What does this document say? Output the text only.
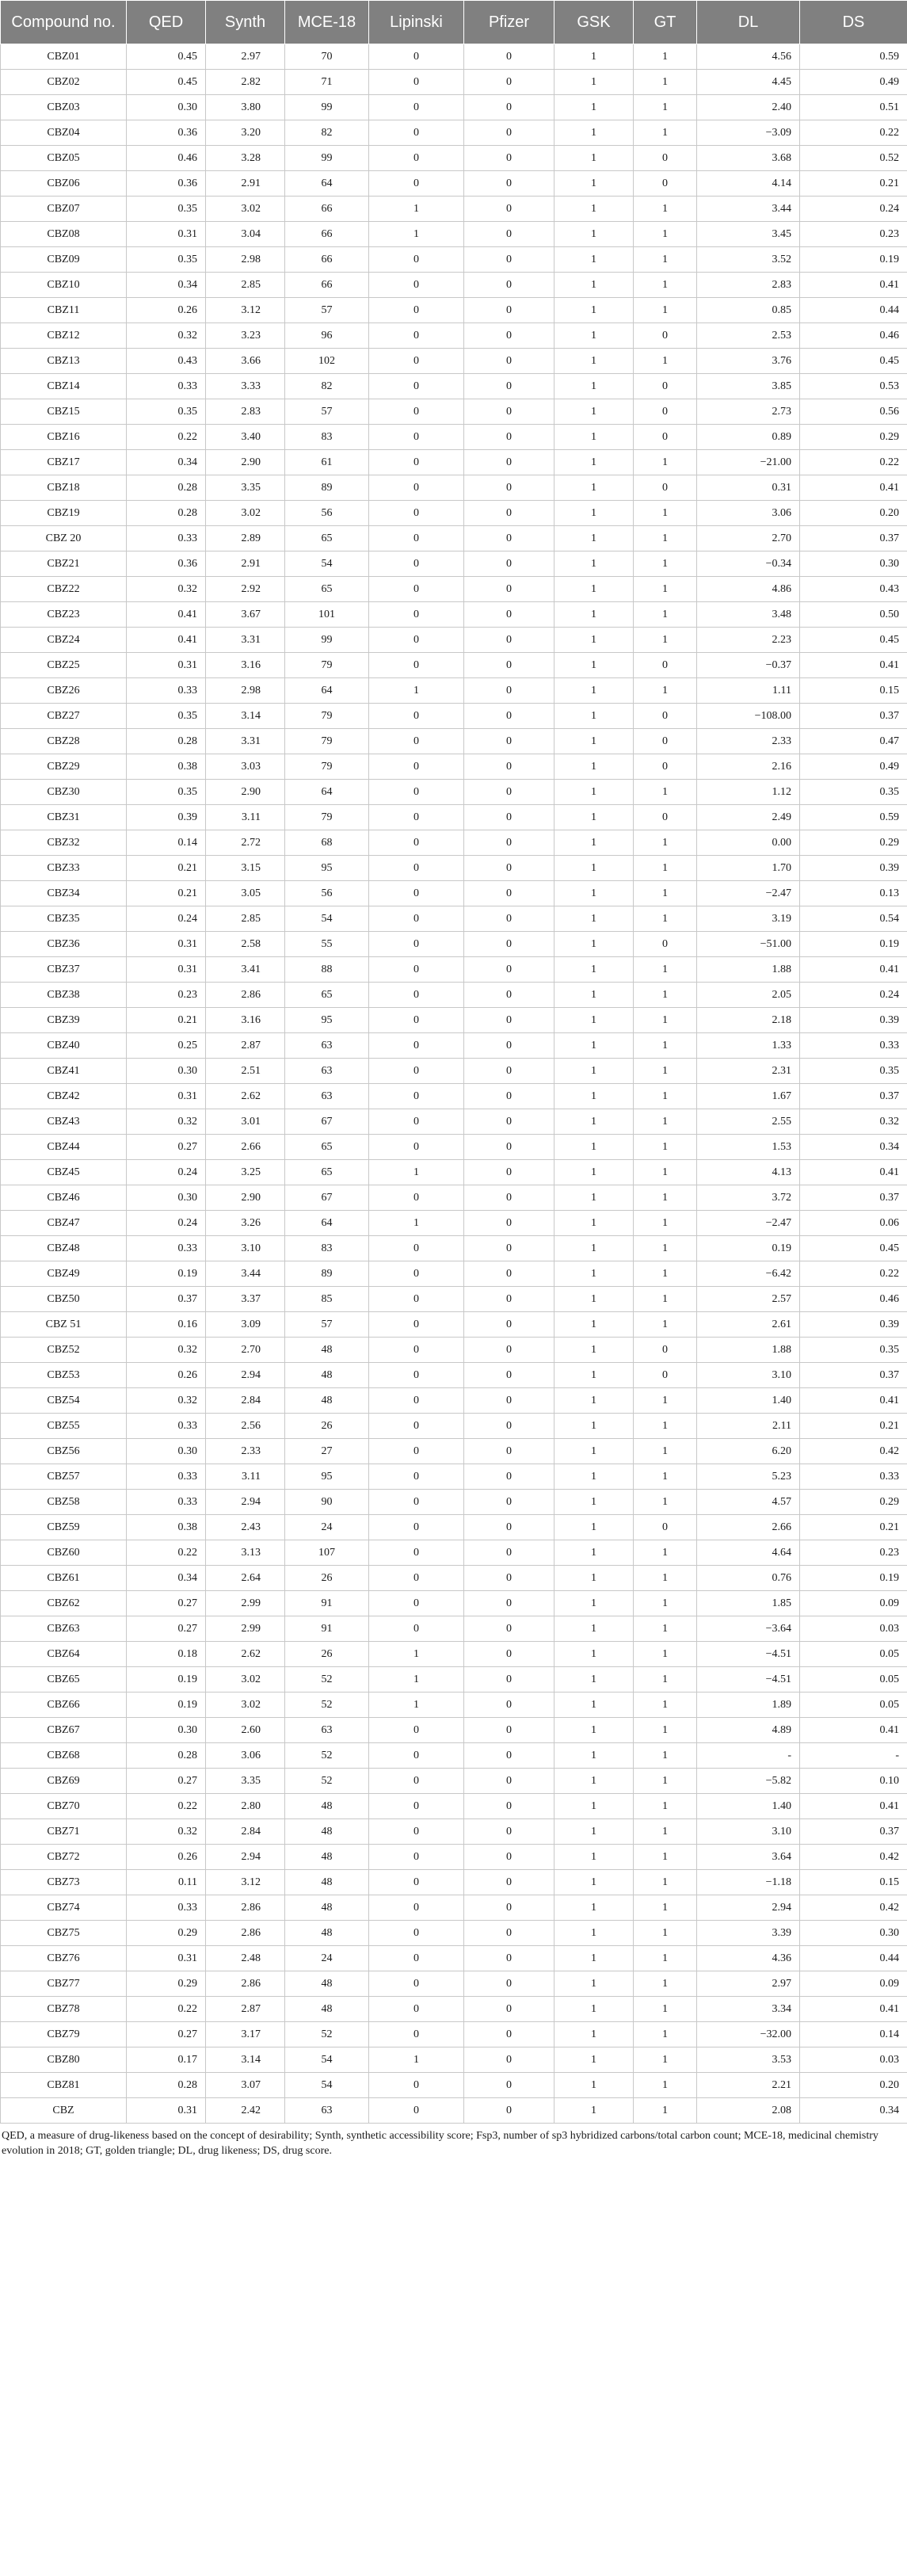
Compound no.	QED	Synth	MCE-18	Lipinski	Pfizer	GSK	GT	DL	DS
CBZ01	0.45	2.97	70	0	0	1	1	4.56	0.59
CBZ02	0.45	2.82	71	0	0	1	1	4.45	0.49
CBZ03	0.30	3.80	99	0	0	1	1	2.40	0.51
CBZ04	0.36	3.20	82	0	0	1	1	−3.09	0.22
CBZ05	0.46	3.28	99	0	0	1	0	3.68	0.52
CBZ06	0.36	2.91	64	0	0	1	0	4.14	0.21
CBZ07	0.35	3.02	66	1	0	1	1	3.44	0.24
CBZ08	0.31	3.04	66	1	0	1	1	3.45	0.23
CBZ09	0.35	2.98	66	0	0	1	1	3.52	0.19
CBZ10	0.34	2.85	66	0	0	1	1	2.83	0.41
CBZ11	0.26	3.12	57	0	0	1	1	0.85	0.44
CBZ12	0.32	3.23	96	0	0	1	0	2.53	0.46
CBZ13	0.43	3.66	102	0	0	1	1	3.76	0.45
CBZ14	0.33	3.33	82	0	0	1	0	3.85	0.53
CBZ15	0.35	2.83	57	0	0	1	0	2.73	0.56
CBZ16	0.22	3.40	83	0	0	1	0	0.89	0.29
CBZ17	0.34	2.90	61	0	0	1	1	−21.00	0.22
CBZ18	0.28	3.35	89	0	0	1	0	0.31	0.41
CBZ19	0.28	3.02	56	0	0	1	1	3.06	0.20
CBZ 20	0.33	2.89	65	0	0	1	1	2.70	0.37
CBZ21	0.36	2.91	54	0	0	1	1	−0.34	0.30
CBZ22	0.32	2.92	65	0	0	1	1	4.86	0.43
CBZ23	0.41	3.67	101	0	0	1	1	3.48	0.50
CBZ24	0.41	3.31	99	0	0	1	1	2.23	0.45
CBZ25	0.31	3.16	79	0	0	1	0	−0.37	0.41
CBZ26	0.33	2.98	64	1	0	1	1	1.11	0.15
CBZ27	0.35	3.14	79	0	0	1	0	−108.00	0.37
CBZ28	0.28	3.31	79	0	0	1	0	2.33	0.47
CBZ29	0.38	3.03	79	0	0	1	0	2.16	0.49
CBZ30	0.35	2.90	64	0	0	1	1	1.12	0.35
CBZ31	0.39	3.11	79	0	0	1	0	2.49	0.59
CBZ32	0.14	2.72	68	0	0	1	1	0.00	0.29
CBZ33	0.21	3.15	95	0	0	1	1	1.70	0.39
CBZ34	0.21	3.05	56	0	0	1	1	−2.47	0.13
CBZ35	0.24	2.85	54	0	0	1	1	3.19	0.54
CBZ36	0.31	2.58	55	0	0	1	0	−51.00	0.19
CBZ37	0.31	3.41	88	0	0	1	1	1.88	0.41
CBZ38	0.23	2.86	65	0	0	1	1	2.05	0.24
CBZ39	0.21	3.16	95	0	0	1	1	2.18	0.39
CBZ40	0.25	2.87	63	0	0	1	1	1.33	0.33
CBZ41	0.30	2.51	63	0	0	1	1	2.31	0.35
CBZ42	0.31	2.62	63	0	0	1	1	1.67	0.37
CBZ43	0.32	3.01	67	0	0	1	1	2.55	0.32
CBZ44	0.27	2.66	65	0	0	1	1	1.53	0.34
CBZ45	0.24	3.25	65	1	0	1	1	4.13	0.41
CBZ46	0.30	2.90	67	0	0	1	1	3.72	0.37
CBZ47	0.24	3.26	64	1	0	1	1	−2.47	0.06
CBZ48	0.33	3.10	83	0	0	1	1	0.19	0.45
CBZ49	0.19	3.44	89	0	0	1	1	−6.42	0.22
CBZ50	0.37	3.37	85	0	0	1	1	2.57	0.46
CBZ 51	0.16	3.09	57	0	0	1	1	2.61	0.39
CBZ52	0.32	2.70	48	0	0	1	0	1.88	0.35
CBZ53	0.26	2.94	48	0	0	1	0	3.10	0.37
CBZ54	0.32	2.84	48	0	0	1	1	1.40	0.41
CBZ55	0.33	2.56	26	0	0	1	1	2.11	0.21
CBZ56	0.30	2.33	27	0	0	1	1	6.20	0.42
CBZ57	0.33	3.11	95	0	0	1	1	5.23	0.33
CBZ58	0.33	2.94	90	0	0	1	1	4.57	0.29
CBZ59	0.38	2.43	24	0	0	1	0	2.66	0.21
CBZ60	0.22	3.13	107	0	0	1	1	4.64	0.23
CBZ61	0.34	2.64	26	0	0	1	1	0.76	0.19
CBZ62	0.27	2.99	91	0	0	1	1	1.85	0.09
CBZ63	0.27	2.99	91	0	0	1	1	−3.64	0.03
CBZ64	0.18	2.62	26	1	0	1	1	−4.51	0.05
CBZ65	0.19	3.02	52	1	0	1	1	−4.51	0.05
CBZ66	0.19	3.02	52	1	0	1	1	1.89	0.05
CBZ67	0.30	2.60	63	0	0	1	1	4.89	0.41
CBZ68	0.28	3.06	52	0	0	1	1	-	-
CBZ69	0.27	3.35	52	0	0	1	1	−5.82	0.10
CBZ70	0.22	2.80	48	0	0	1	1	1.40	0.41
CBZ71	0.32	2.84	48	0	0	1	1	3.10	0.37
CBZ72	0.26	2.94	48	0	0	1	1	3.64	0.42
CBZ73	0.11	3.12	48	0	0	1	1	−1.18	0.15
CBZ74	0.33	2.86	48	0	0	1	1	2.94	0.42
CBZ75	0.29	2.86	48	0	0	1	1	3.39	0.30
CBZ76	0.31	2.48	24	0	0	1	1	4.36	0.44
CBZ77	0.29	2.86	48	0	0	1	1	2.97	0.09
CBZ78	0.22	2.87	48	0	0	1	1	3.34	0.41
CBZ79	0.27	3.17	52	0	0	1	1	−32.00	0.14
CBZ80	0.17	3.14	54	1	0	1	1	3.53	0.03
CBZ81	0.28	3.07	54	0	0	1	1	2.21	0.20
CBZ	0.31	2.42	63	0	0	1	1	2.08	0.34

QED, a measure of drug-likeness based on the concept of desirability; Synth, synthetic accessibility score; Fsp3, number of sp3 hybridized carbons/total carbon count; MCE-18, medicinal chemistry evolution in 2018; GT, golden triangle; DL, drug likeness; DS, drug score.
